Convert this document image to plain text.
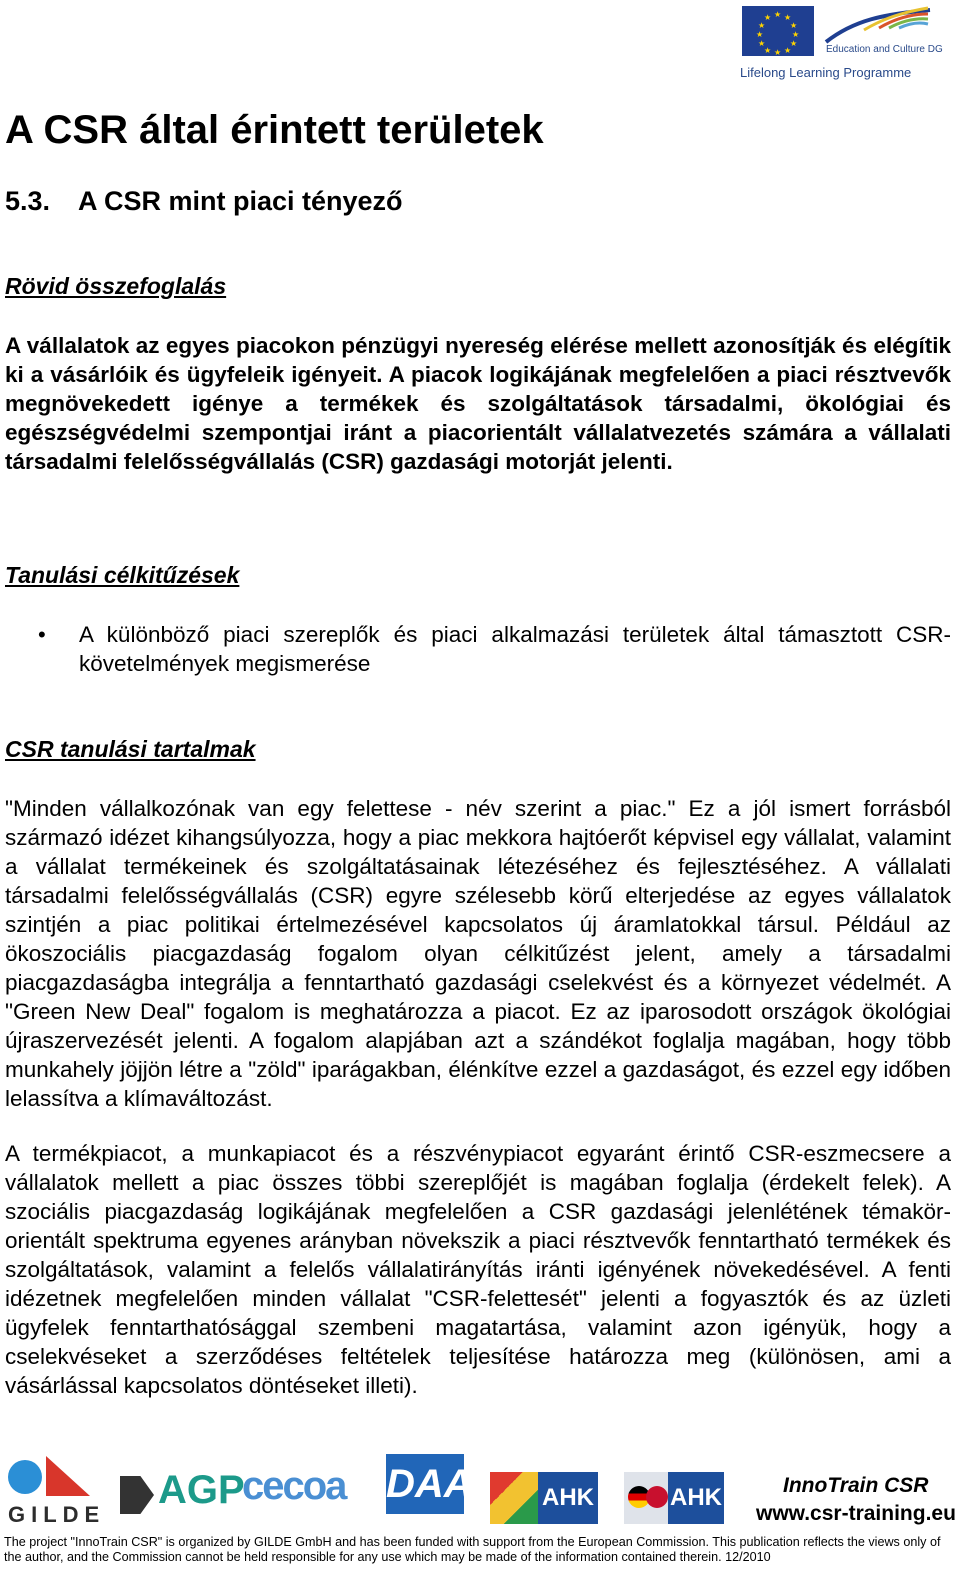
★ ★
★
★
★
★
★
★
★
★
★
★
Education and Culture DG
Lifelong Learning Programme
A CSR által érintett területek
5.3. A CSR mint piaci tényező
Rövid összefoglalás

A vállalatok az egyes piacokon pénzügyi nyereség elérése mellett azonosítják és elégítik ki a vásárlóik és ügyfeleik igényeit. A piacok logikájának megfelelően a piaci résztvevők megnövekedett igénye a termékek és szolgáltatások társadalmi, ökológiai és egészségvédelmi szempontjai iránt a piacorientált vállalatvezetés számára a vállalati társadalmi felelősségvállalás (CSR) gazdasági motorját jelenti.

Tanulási célkitűzések
• A különböző piaci szereplők és piaci alkalmazási területek által támasztott CSR-követelmények megismerése

CSR tanulási tartalmak

"Minden vállalkozónak van egy felettese - név szerint a piac." Ez a jól ismert forrásból származó idézet kihangsúlyozza, hogy a piac mekkora hajtóerőt képvisel egy vállalat, valamint a vállalat termékeinek és szolgáltatásainak létezéséhez és fejlesztéséhez. A vállalati társadalmi felelősségvállalás (CSR) egyre szélesebb körű elterjedése az egyes vállalatok szintjén a piac politikai értelmezésével kapcsolatos új áramlatokkal társul. Például az ökoszociális piacgazdaság fogalom olyan célkitűzést jelent, amely a társadalmi piacgazdaságba integrálja a fenntartható gazdasági cselekvést és a környezet védelmét. A "Green New Deal" fogalom is meghatározza a piacot. Ez az iparosodott országok ökológiai újraszervezését jelenti. A fogalom alapjában azt a szándékot foglalja magában, hogy több munkahely jöjjön létre a "zöld" iparágakban, élénkítve ezzel a gazdaságot, és ezzel egy időben lelassítva a klímaváltozást.

A termékpiacot, a munkapiacot és a részvénypiacot egyaránt érintő CSR-eszmecsere a vállalatok mellett a piac összes többi szereplőjét is magában foglalja (érdekelt felek). A szociális piacgazdaság logikájának megfelelően a CSR gazdasági jelenlétének témakör-orientált spektruma egyenes arányban növekszik a piaci résztvevők fenntartható termékek és szolgáltatások, valamint a felelős vállalatirányítás iránti igényének növekedésével. A fenti idézetnek megfelelően minden vállalat "CSR-felettesét" jelenti a fogyasztók és az üzleti ügyfelek fenntarthatósággal szembeni magatartása, valamint azon igényük, hogy a cselekvéseket a szerződéses feltételek teljesítése határozza meg (különösen, ami a vásárlással kapcsolatos döntéseket illeti).

GILDE
AGP
cecoa	DAA	AHK	AHK	InnoTrain CSR
www.csr-training.eu

The project "InnoTrain CSR" is organized by GILDE GmbH and has been funded with support from the European Commission. This publication reflects the views only of the author, and the Commission cannot be held responsible for any use which may be made of the information contained therein. 12/2010
